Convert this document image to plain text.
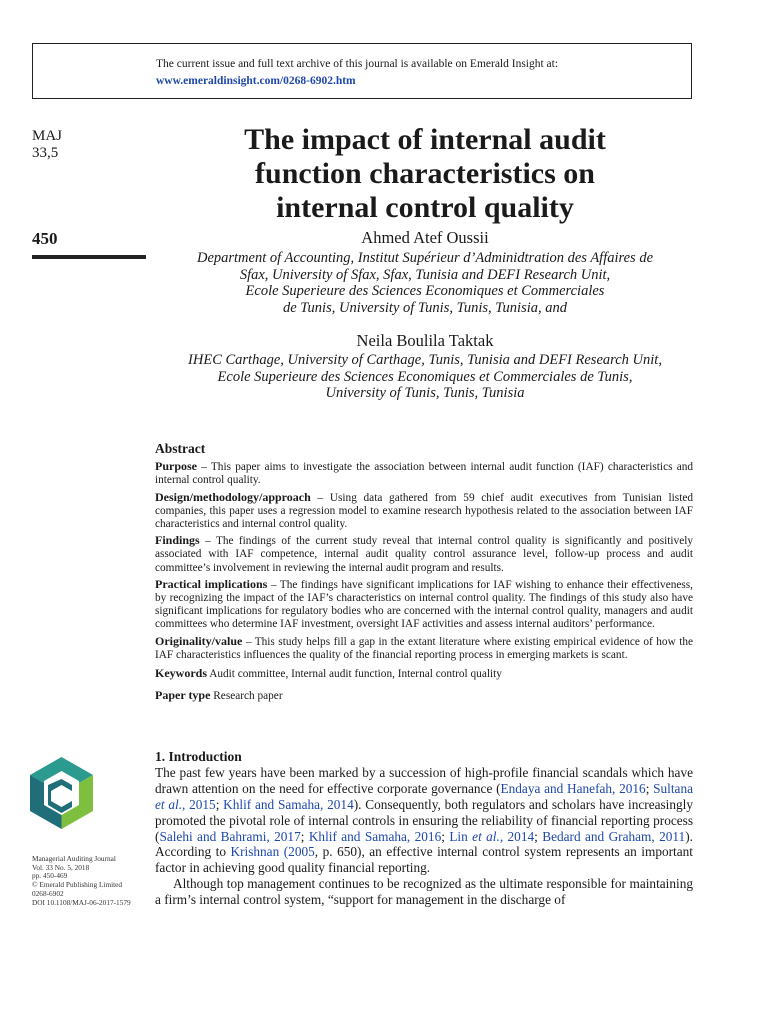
The current issue and full text archive of this journal is available on Emerald Insight at:
www.emeraldinsight.com/0268-6902.htm
MAJ
33,5
450
The impact of internal audit
function characteristics on
internal control quality
Ahmed Atef Oussii
Department of Accounting, Institut Supérieur d’Adminidtration des Affaires de
Sfax, University of Sfax, Sfax, Tunisia and DEFI Research Unit,
Ecole Superieure des Sciences Economiques et Commerciales
de Tunis, University of Tunis, Tunis, Tunisia, and
Neila Boulila Taktak
IHEC Carthage, University of Carthage, Tunis, Tunisia and DEFI Research Unit,
Ecole Superieure des Sciences Economiques et Commerciales de Tunis,
University of Tunis, Tunis, Tunisia
Abstract
Purpose – This paper aims to investigate the association between internal audit function (IAF) characteristics and internal control quality.
Design/methodology/approach – Using data gathered from 59 chief audit executives from Tunisian listed companies, this paper uses a regression model to examine research hypothesis related to the association between IAF characteristics and internal control quality.
Findings – The findings of the current study reveal that internal control quality is significantly and positively associated with IAF competence, internal audit quality control assurance level, follow-up process and audit committee’s involvement in reviewing the internal audit program and results.
Practical implications – The findings have significant implications for IAF wishing to enhance their effectiveness, by recognizing the impact of the IAF’s characteristics on internal control quality. The findings of this study also have significant implications for regulatory bodies who are concerned with the internal control quality, managers and audit committees who determine IAF investment, oversight IAF activities and assess internal auditors’ performance.
Originality/value – This study helps fill a gap in the extant literature where existing empirical evidence of how the IAF characteristics influences the quality of the financial reporting process in emerging markets is scant.
Keywords Audit committee, Internal audit function, Internal control quality
Paper type Research paper
1. Introduction
The past few years have been marked by a succession of high-profile financial scandals which have drawn attention on the need for effective corporate governance (Endaya and Hanefah, 2016; Sultana et al., 2015; Khlif and Samaha, 2014). Consequently, both regulators and scholars have increasingly promoted the pivotal role of internal controls in ensuring the reliability of financial reporting process (Salehi and Bahrami, 2017; Khlif and Samaha, 2016; Lin et al., 2014; Bedard and Graham, 2011). According to Krishnan (2005, p. 650), an effective internal control system represents an important factor in achieving good quality financial reporting.
Although top management continues to be recognized as the ultimate responsible for maintaining a firm’s internal control system, “support for management in the discharge of
Managerial Auditing Journal
Vol. 33 No. 5, 2018
pp. 450-469
© Emerald Publishing Limited
0268-6902
DOI 10.1108/MAJ-06-2017-1579
